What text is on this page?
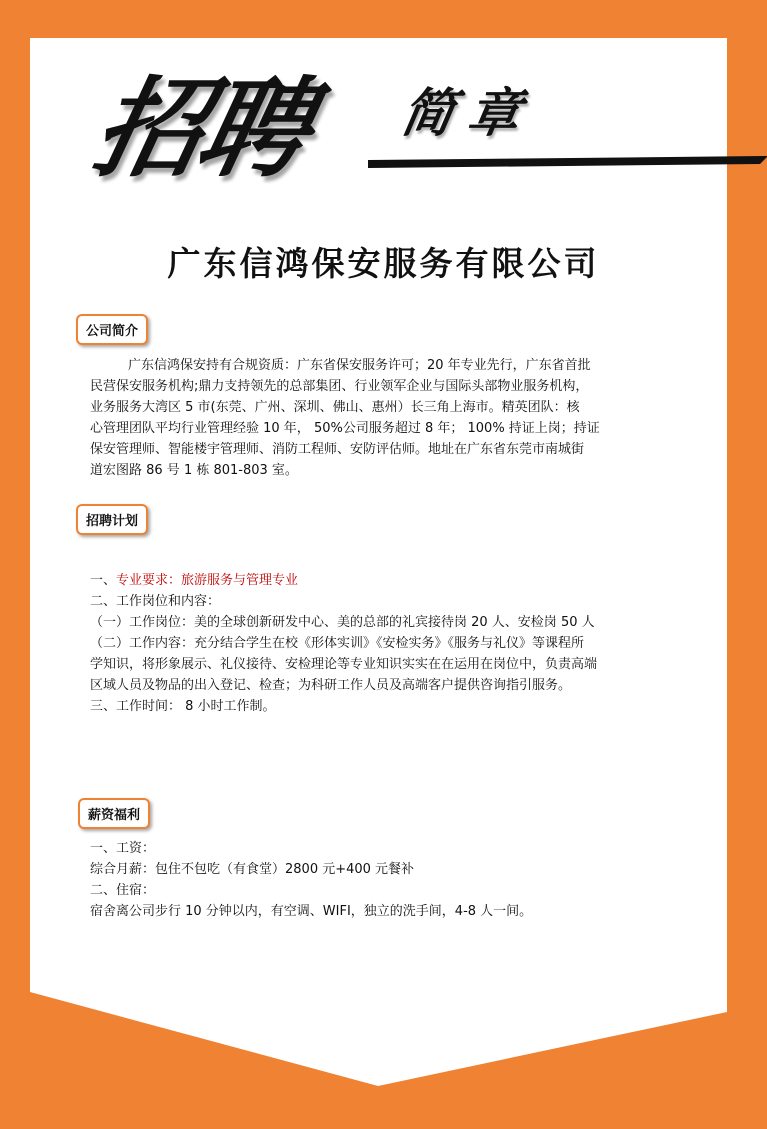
招聘 简章
广东信鸿保安服务有限公司
公司简介

广东信鸿保安持有合规资质：广东省保安服务许可；20 年专业先行，广东省首批

民营保安服务机构;鼎力支持领先的总部集团、行业领军企业与国际头部物业服务机构，

业务服务大湾区 5 市(东莞、广州、深圳、佛山、惠州）长三角上海市。精英团队：核

心管理团队平均行业管理经验 10 年， 50%公司服务超过 8 年； 100% 持证上岗；持证

保安管理师、智能楼宇管理师、消防工程师、安防评估师。地址在广东省东莞市南城街

道宏图路 86 号 1 栋 801-803 室。

招聘计划

一、专业要求：旅游服务与管理专业

二、工作岗位和内容：

（一）工作岗位：美的全球创新研发中心、美的总部的礼宾接待岗 20 人、安检岗 50 人

（二）工作内容：充分结合学生在校《形体实训》《安检实务》《服务与礼仪》等课程所

学知识，将形象展示、礼仪接待、安检理论等专业知识实实在在运用在岗位中，负责高端

区域人员及物品的出入登记、检查；为科研工作人员及高端客户提供咨询指引服务。

三、工作时间： 8 小时工作制。

薪资福利

一、工资：

综合月薪：包住不包吃（有食堂）2800 元+400 元餐补

二、住宿：

宿舍离公司步行 10 分钟以内，有空调、WIFI，独立的洗手间，4-8 人一间。
